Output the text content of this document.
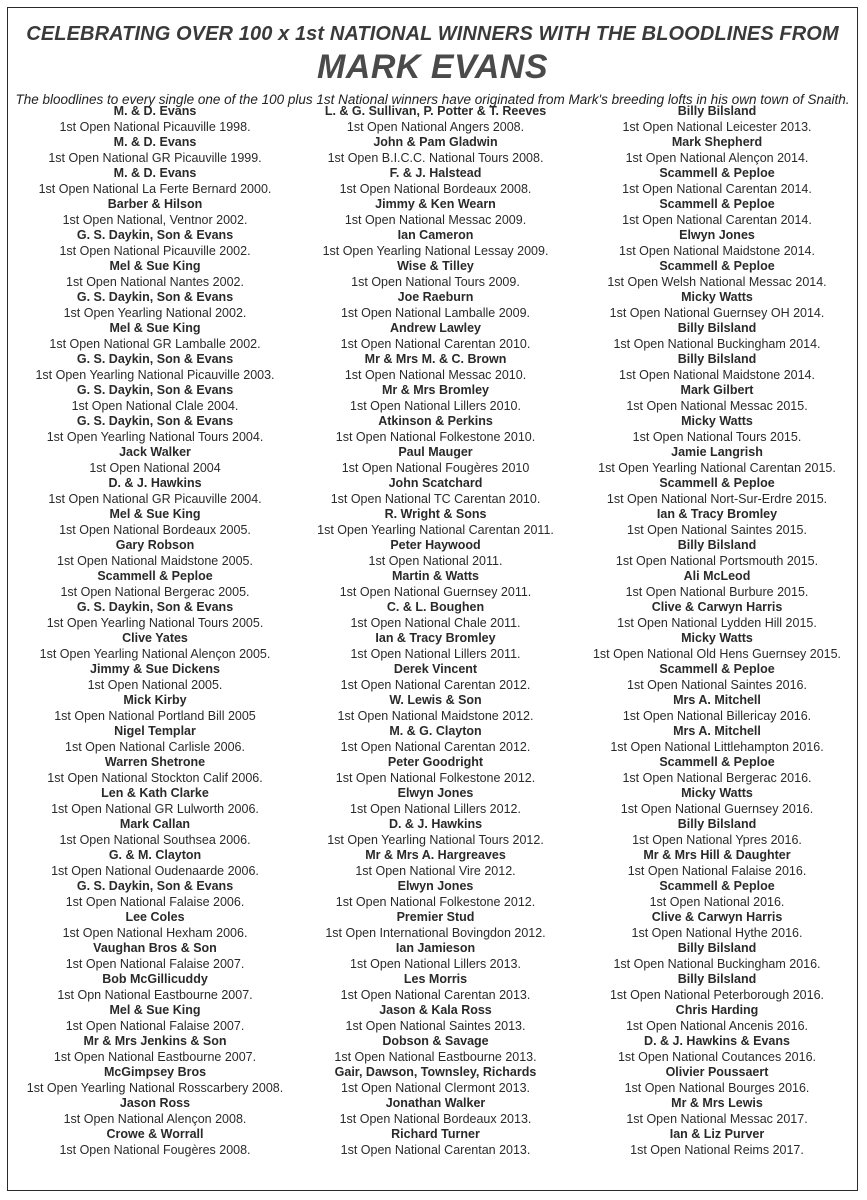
CELEBRATING OVER 100 x 1st NATIONAL WINNERS WITH THE BLOODLINES FROM
MARK EVANS
The bloodlines to every single one of the 100 plus 1st National winners have originated from Mark's breeding lofts in his own town of Snaith.
M. & D. Evans
1st Open National Picauville 1998.
M. & D. Evans
1st Open National GR Picauville 1999.
M. & D. Evans
1st Open National La Ferte Bernard 2000.
Barber & Hilson
1st Open National, Ventnor 2002.
G. S. Daykin, Son & Evans
1st Open National Picauville 2002.
Mel & Sue King
1st Open National Nantes 2002.
G. S. Daykin, Son & Evans
1st Open Yearling National 2002.
Mel & Sue King
1st Open National GR Lamballe 2002.
G. S. Daykin, Son & Evans
1st Open Yearling National Picauville 2003.
G. S. Daykin, Son & Evans
1st Open National Clale 2004.
G. S. Daykin, Son & Evans
1st Open Yearling National Tours 2004.
Jack Walker
1st Open National 2004
D. & J. Hawkins
1st Open National GR Picauville 2004.
Mel & Sue King
1st Open National Bordeaux 2005.
Gary Robson
1st Open National Maidstone 2005.
Scammell & Peploe
1st Open National Bergerac 2005.
G. S. Daykin, Son & Evans
1st Open Yearling National Tours 2005.
Clive Yates
1st Open Yearling National Alençon 2005.
Jimmy & Sue Dickens
1st Open National 2005.
Mick Kirby
1st Open National Portland Bill 2005
Nigel Templar
1st Open National Carlisle 2006.
Warren Shetrone
1st Open National Stockton Calif 2006.
Len & Kath Clarke
1st Open National GR Lulworth 2006.
Mark Callan
1st Open National Southsea 2006.
G. & M. Clayton
1st Open National Oudenaarde 2006.
G. S. Daykin, Son & Evans
1st Open National Falaise 2006.
Lee Coles
1st Open National Hexham 2006.
Vaughan Bros & Son
1st Open National Falaise 2007.
Bob McGillicuddy
1st Opn National Eastbourne 2007.
Mel & Sue King
1st Open National Falaise 2007.
Mr & Mrs Jenkins & Son
1st Open National Eastbourne 2007.
McGimpsey Bros
1st Open Yearling National Rosscarbery 2008.
Jason Ross
1st Open National Alençon 2008.
Crowe & Worrall
1st Open National Fougères 2008.
L. & G. Sullivan, P. Potter & T. Reeves
1st Open National Angers 2008.
John & Pam Gladwin
1st Open B.I.C.C. National Tours 2008.
F. & J. Halstead
1st Open National Bordeaux 2008.
Jimmy & Ken Wearn
1st Open National Messac 2009.
Ian Cameron
1st Open Yearling National Lessay 2009.
Wise & Tilley
1st Open National Tours 2009.
Joe Raeburn
1st Open National Lamballe 2009.
Andrew Lawley
1st Open National Carentan 2010.
Mr & Mrs M. & C. Brown
1st Open National Messac 2010.
Mr & Mrs Bromley
1st Open National Lillers 2010.
Atkinson & Perkins
1st Open National Folkestone 2010.
Paul Mauger
1st Open National Fougères 2010
John Scatchard
1st Open National TC Carentan 2010.
R. Wright & Sons
1st Open Yearling National Carentan 2011.
Peter Haywood
1st Open National 2011.
Martin & Watts
1st Open National Guernsey 2011.
C. & L. Boughen
1st Open National Chale 2011.
Ian & Tracy Bromley
1st Open National Lillers 2011.
Derek Vincent
1st Open National Carentan 2012.
W. Lewis & Son
1st Open National Maidstone 2012.
M. & G. Clayton
1st Open National Carentan 2012.
Peter Goodright
1st Open National Folkestone 2012.
Elwyn Jones
1st Open National Lillers 2012.
D. & J. Hawkins
1st Open Yearling National Tours 2012.
Mr & Mrs A. Hargreaves
1st Open National Vire 2012.
Elwyn Jones
1st Open National Folkestone 2012.
Premier Stud
1st Open International Bovingdon 2012.
Ian Jamieson
1st Open National Lillers 2013.
Les Morris
1st Open National Carentan 2013.
Jason & Kala Ross
1st Open National Saintes 2013.
Dobson & Savage
1st Open National Eastbourne 2013.
Gair, Dawson, Townsley, Richards
1st Open National Clermont 2013.
Jonathan Walker
1st Open National Bordeaux 2013.
Richard Turner
1st Open National Carentan 2013.
Billy Bilsland
1st Open National Leicester 2013.
Mark Shepherd
1st Open National Alençon 2014.
Scammell & Peploe
1st Open National Carentan 2014.
Scammell & Peploe
1st Open National Carentan 2014.
Elwyn Jones
1st Open National Maidstone 2014.
Scammell & Peploe
1st Open Welsh National Messac 2014.
Micky Watts
1st Open National Guernsey OH 2014.
Billy Bilsland
1st Open National Buckingham 2014.
Billy Bilsland
1st Open National Maidstone 2014.
Mark Gilbert
1st Open National Messac 2015.
Micky Watts
1st Open National Tours 2015.
Jamie Langrish
1st Open Yearling National Carentan 2015.
Scammell & Peploe
1st Open National Nort-Sur-Erdre 2015.
Ian & Tracy Bromley
1st Open National Saintes 2015.
Billy Bilsland
1st Open National Portsmouth 2015.
Ali McLeod
1st Open National Burbure 2015.
Clive & Carwyn Harris
1st Open National Lydden Hill 2015.
Micky Watts
1st Open National Old Hens Guernsey 2015.
Scammell & Peploe
1st Open National Saintes 2016.
Mrs A. Mitchell
1st Open National Billericay 2016.
Mrs A. Mitchell
1st Open National Littlehampton 2016.
Scammell & Peploe
1st Open National Bergerac 2016.
Micky Watts
1st Open National Guernsey 2016.
Billy Bilsland
1st Open National Ypres 2016.
Mr & Mrs Hill & Daughter
1st Open National Falaise 2016.
Scammell & Peploe
1st Open National 2016.
Clive & Carwyn Harris
1st Open National Hythe 2016.
Billy Bilsland
1st Open National Buckingham 2016.
Billy Bilsland
1st Open National Peterborough 2016.
Chris Harding
1st Open National Ancenis 2016.
D. & J. Hawkins & Evans
1st Open National Coutances 2016.
Olivier Poussaert
1st Open National Bourges 2016.
Mr & Mrs Lewis
1st Open National Messac 2017.
Ian & Liz Purver
1st Open National Reims 2017.
